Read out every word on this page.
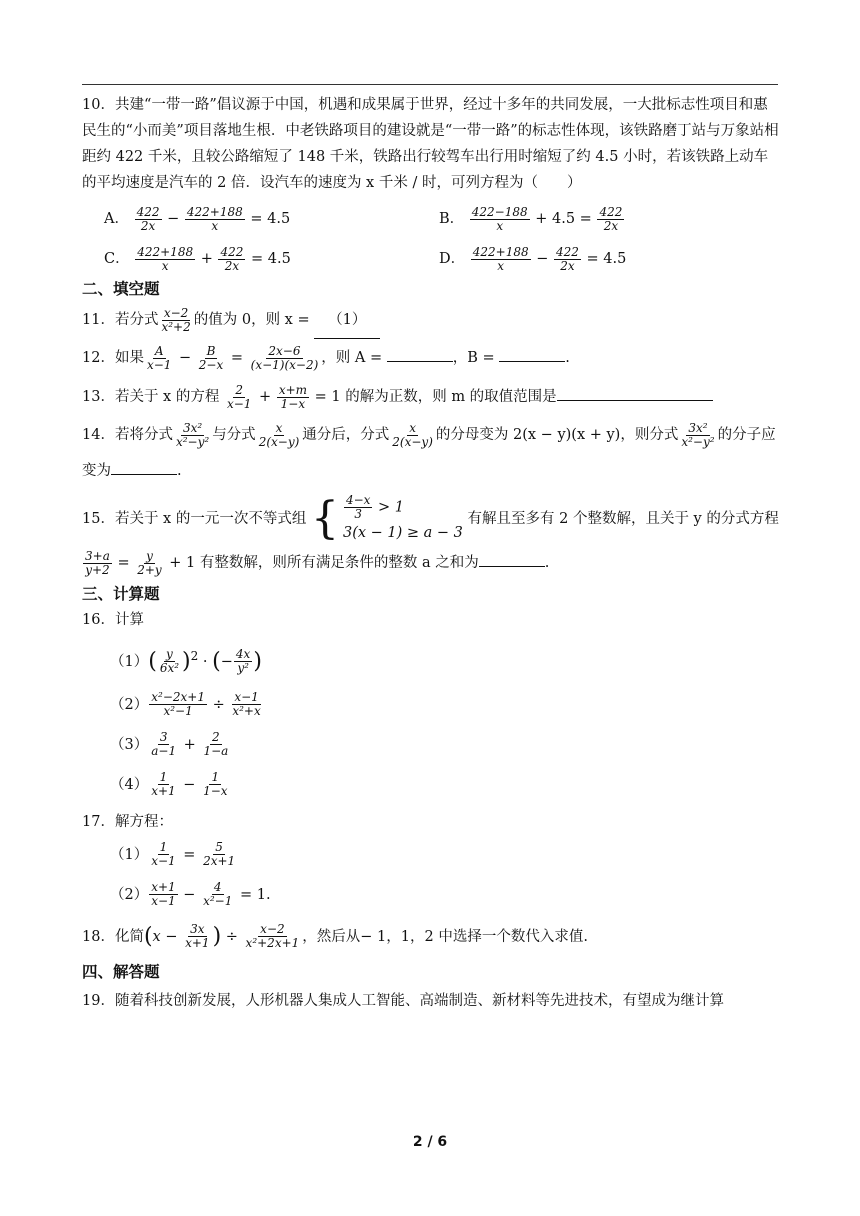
10．共建“一带一路”倡议源于中国，机遇和成果属于世界，经过十多年的共同发展，一大批标志性项目和惠民生的“小而美”项目落地生根．中老铁路项目的建设就是“一带一路”的标志性体现，该铁路磨丁站与万象站相距约 422 千米，且较公路缩短了 148 千米，铁路出行较驾车出行用时缩短了约 4.5 小时，若该铁路上动车的平均速度是汽车的 2 倍．设汽车的速度为 x 千米 / 时，可列方程为（　　）

A． $\frac{422}{2x} - \frac{422+188}{x} = 4.5$	B． $\frac{422-188}{x} + 4.5 = \frac{422}{2x}$
C． $\frac{422+188}{x} + \frac{422}{2x} = 4.5$	D． $\frac{422+188}{x} - \frac{422}{2x} = 4.5$

二、填空题

11．若分式 $\frac{x-2}{\text{x²+2}}$ 的值为 0，则 x = （1）

12．如果 $\frac{A}{x-1} - \frac{B}{2-x} = \frac{2x-6}{(x-1)(x-2)}$ ，则 A =	，B =	.

13．若关于 x 的方程 $\frac{2}{x-1} + \frac{x+m}{1-x} = 1$ 的解为正数，则 m 的取值范围是

14．若将分式 $\frac{\text{3x²}}{\text{x²−y²}}$ 与分式 $\frac{x}{2(x-y)}$ 通分后，分式 $\frac{x}{2(x-y)}$ 的分母变为 2(x − y)(x + y)，则分式 $\frac{\text{3x²}}{\text{x²−y²}}$ 的分子应变为	.

15．若关于 x 的一元一次不等式组 { $\frac{4-x}{3} > 1$
3(x − 1) ≥ a − 3
有解且至多有 2 个整数解，且关于 y 的分式方程

$\frac{3+a}{y+2} = \frac{y}{2+y} + 1$ 有整数解，则所有满足条件的整数 a 之和为	.

三、计算题

16．计算

$(1)( \frac{y}{\text{6x²}} )^2$ · (− $\frac{4x}{\text{y²}}$ )
$(2) \frac{\text{x²−2x+1}}{\text{x²−1}} \div \frac{x-1}{\text{x²+x}}$
$(3) \frac{3}{a-1} + \frac{2}{1-a}$
$(4) \frac{1}{x+1} - \frac{1}{1-x}$

17．解方程：

$(1) \frac{1}{x-1} = \frac{5}{2x+1}$
$(2) \frac{x+1}{x-1} - \frac{4}{\text{x²−1}} = 1$.

18．化简($x - \frac{3x}{x+1}$ ) ÷ $\frac{x-2}{\text{x²+2x+1}}$ ，然后从− 1，1，2 中选择一个数代入求值.

四、解答题

19．随着科技创新发展，人形机器人集成人工智能、高端制造、新材料等先进技术，有望成为继计算

2 / 6
